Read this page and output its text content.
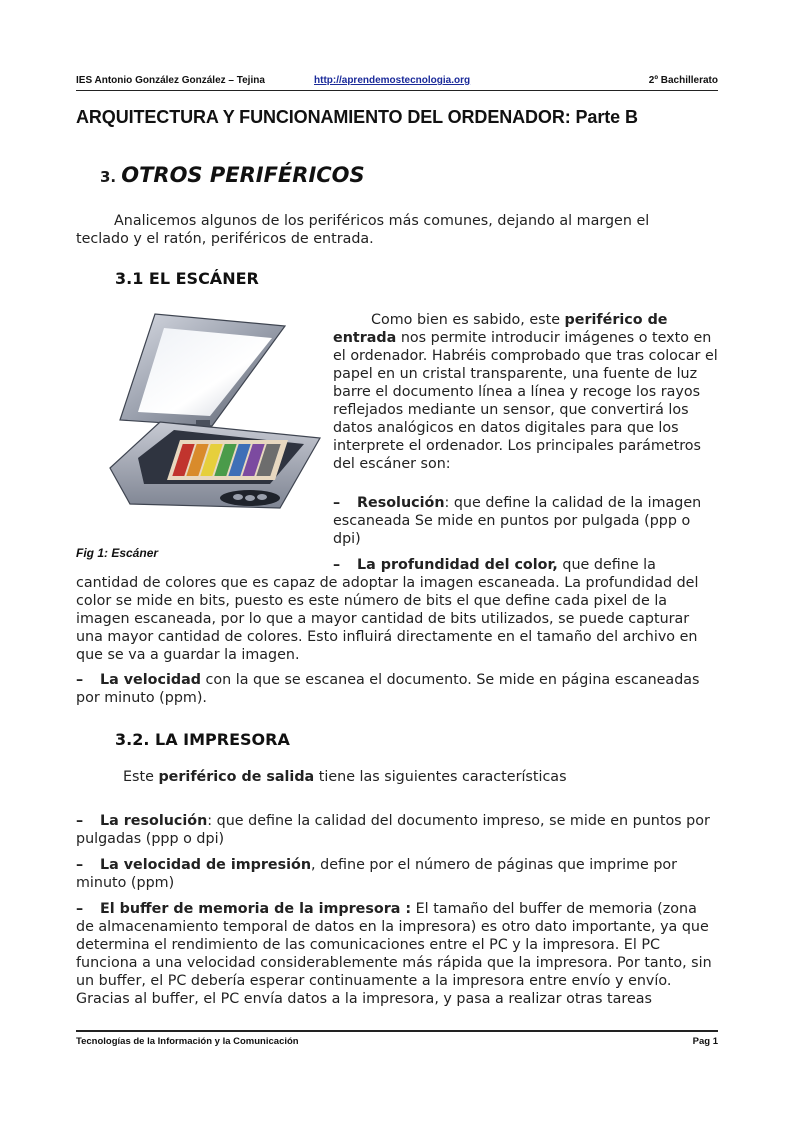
IES Antonio González González – Tejina	http://aprendemostecnologia.org	2º Bachillerato
ARQUITECTURA Y FUNCIONAMIENTO DEL ORDENADOR: Parte B
3. OTROS PERIFÉRICOS
Analicemos algunos de los periféricos más comunes, dejando al margen el teclado y el ratón, periféricos de entrada.
3.1 EL ESCÁNER
Fig 1: Escáner
Como bien es sabido, este periférico de entrada nos permite introducir imágenes o texto en el ordenador. Habréis comprobado que tras colocar el papel en un cristal transparente, una fuente de luz barre el documento línea a línea y recoge los rayos reflejados mediante un sensor, que convertirá los datos analógicos en datos digitales para que los interprete el ordenador. Los principales parámetros del escáner son:
– Resolución: que define la calidad de la imagen escaneada Se mide en puntos por pulgada (ppp o dpi)
– La profundidad del color, que define la
cantidad de colores que es capaz de adoptar la imagen escaneada. La profundidad del color se mide en bits, puesto es este número de bits el que define cada pixel de la imagen escaneada, por lo que a mayor cantidad de bits utilizados, se puede capturar una mayor cantidad de colores. Esto influirá directamente en el tamaño del archivo en que se va a guardar la imagen.
– La velocidad con la que se escanea el documento. Se mide en página escaneadas por minuto (ppm).
3.2. LA IMPRESORA
Este periférico de salida tiene las siguientes características
– La resolución: que define la calidad del documento impreso, se mide en puntos por pulgadas (ppp o dpi)
– La velocidad de impresión, define por el número de páginas que imprime por minuto (ppm)
– El buffer de memoria de la impresora : El tamaño del buffer de memoria (zona de almacenamiento temporal de datos en la impresora) es otro dato importante, ya que determina el rendimiento de las comunicaciones entre el PC y la impresora. El PC funciona a una velocidad considerablemente más rápida que la impresora. Por tanto, sin un buffer, el PC debería esperar continuamente a la impresora entre envío y envío. Gracias al buffer, el PC envía datos a la impresora, y pasa a realizar otras tareas
Tecnologías de la Información y la Comunicación	Pag 1
